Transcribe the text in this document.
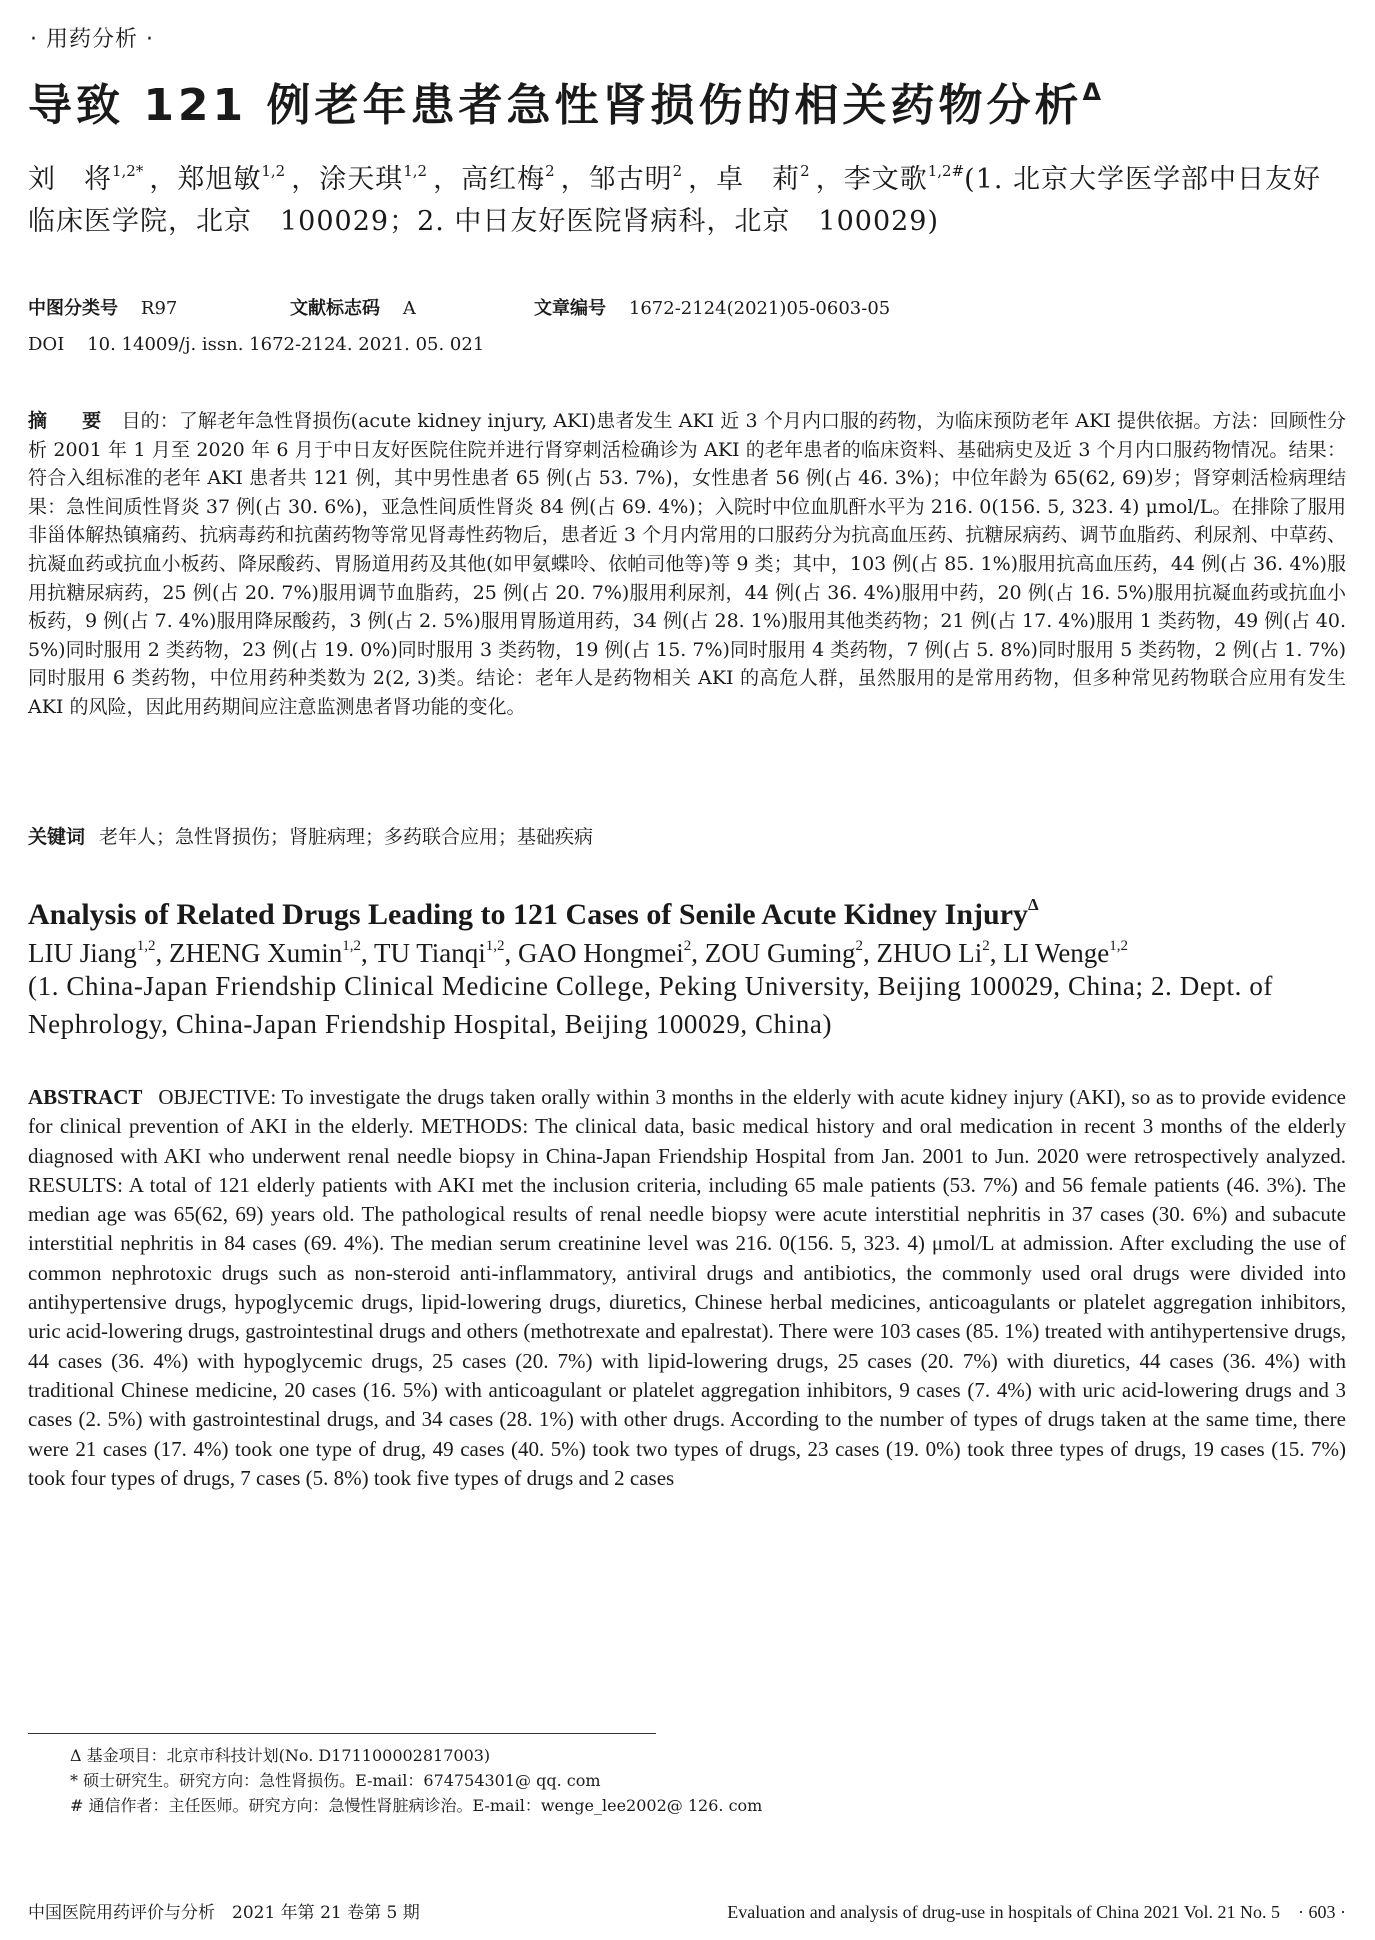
· 用药分析 ·
导致 121 例老年患者急性肾损伤的相关药物分析$^\Delta$
刘　将$^{1,2*}$ ，郑旭敏$^{1,2}$ ，涂天琪$^{1,2}$ ，高红梅$^2$ ，邹古明$^2$ ，卓　莉$^2$ ，李文歌$^{1,2\#}$(1. 北京大学医学部中日友好临床医学院，北京　100029；2. 中日友好医院肾病科，北京　100029)
中图分类号 R97	文献标志码 A	文章编号 1672-2124(2021)05-0603-05
DOI 10. 14009/j. issn. 1672-2124. 2021. 05. 021
摘　要 目的：了解老年急性肾损伤(acute kidney injury, AKI)患者发生 AKI 近 3 个月内口服的药物，为临床预防老年 AKI 提供依据。方法：回顾性分析 2001 年 1 月至 2020 年 6 月于中日友好医院住院并进行肾穿刺活检确诊为 AKI 的老年患者的临床资料、基础病史及近 3 个月内口服药物情况。结果：符合入组标准的老年 AKI 患者共 121 例，其中男性患者 65 例(占 53. 7%)，女性患者 56 例(占 46. 3%)；中位年龄为 65(62, 69)岁；肾穿刺活检病理结果：急性间质性肾炎 37 例(占 30. 6%)，亚急性间质性肾炎 84 例(占 69. 4%)；入院时中位血肌酐水平为 216. 0(156. 5, 323. 4) μmol/L。在排除了服用非甾体解热镇痛药、抗病毒药和抗菌药物等常见肾毒性药物后，患者近 3 个月内常用的口服药分为抗高血压药、抗糖尿病药、调节血脂药、利尿剂、中草药、抗凝血药或抗血小板药、降尿酸药、胃肠道用药及其他(如甲氨蝶呤、依帕司他等)等 9 类；其中，103 例(占 85. 1%)服用抗高血压药，44 例(占 36. 4%)服用抗糖尿病药，25 例(占 20. 7%)服用调节血脂药，25 例(占 20. 7%)服用利尿剂，44 例(占 36. 4%)服用中药，20 例(占 16. 5%)服用抗凝血药或抗血小板药，9 例(占 7. 4%)服用降尿酸药，3 例(占 2. 5%)服用胃肠道用药，34 例(占 28. 1%)服用其他类药物；21 例(占 17. 4%)服用 1 类药物，49 例(占 40. 5%)同时服用 2 类药物，23 例(占 19. 0%)同时服用 3 类药物，19 例(占 15. 7%)同时服用 4 类药物，7 例(占 5. 8%)同时服用 5 类药物，2 例(占 1. 7%)同时服用 6 类药物，中位用药种类数为 2(2, 3)类。结论：老年人是药物相关 AKI 的高危人群，虽然服用的是常用药物，但多种常见药物联合应用有发生 AKI 的风险，因此用药期间应注意监测患者肾功能的变化。
关键词 老年人；急性肾损伤；肾脏病理；多药联合应用；基础疾病
Analysis of Related Drugs Leading to 121 Cases of Senile Acute Kidney Injury$^\Delta$
LIU Jiang$^{1,2}$, ZHENG Xumin$^{1,2}$, TU Tianqi$^{1,2}$, GAO Hongmei$^2$, ZOU Guming$^2$, ZHUO Li$^2$, LI Wenge$^{1,2}$
(1. China-Japan Friendship Clinical Medicine College, Peking University, Beijing 100029, China; 2. Dept. of Nephrology, China-Japan Friendship Hospital, Beijing 100029, China)
ABSTRACT OBJECTIVE: To investigate the drugs taken orally within 3 months in the elderly with acute kidney injury (AKI), so as to provide evidence for clinical prevention of AKI in the elderly. METHODS: The clinical data, basic medical history and oral medication in recent 3 months of the elderly diagnosed with AKI who underwent renal needle biopsy in China-Japan Friendship Hospital from Jan. 2001 to Jun. 2020 were retrospectively analyzed. RESULTS: A total of 121 elderly patients with AKI met the inclusion criteria, including 65 male patients (53. 7%) and 56 female patients (46. 3%). The median age was 65(62, 69) years old. The pathological results of renal needle biopsy were acute interstitial nephritis in 37 cases (30. 6%) and subacute interstitial nephritis in 84 cases (69. 4%). The median serum creatinine level was 216. 0(156. 5, 323. 4) μmol/L at admission. After excluding the use of common nephrotoxic drugs such as non-steroid anti-inflammatory, antiviral drugs and antibiotics, the commonly used oral drugs were divided into antihypertensive drugs, hypoglycemic drugs, lipid-lowering drugs, diuretics, Chinese herbal medicines, anticoagulants or platelet aggregation inhibitors, uric acid-lowering drugs, gastrointestinal drugs and others (methotrexate and epalrestat). There were 103 cases (85. 1%) treated with antihypertensive drugs, 44 cases (36. 4%) with hypoglycemic drugs, 25 cases (20. 7%) with lipid-lowering drugs, 25 cases (20. 7%) with diuretics, 44 cases (36. 4%) with traditional Chinese medicine, 20 cases (16. 5%) with anticoagulant or platelet aggregation inhibitors, 9 cases (7. 4%) with uric acid-lowering drugs and 3 cases (2. 5%) with gastrointestinal drugs, and 34 cases (28. 1%) with other drugs. According to the number of types of drugs taken at the same time, there were 21 cases (17. 4%) took one type of drug, 49 cases (40. 5%) took two types of drugs, 23 cases (19. 0%) took three types of drugs, 19 cases (15. 7%) took four types of drugs, 7 cases (5. 8%) took five types of drugs and 2 cases
Δ 基金项目：北京市科技计划(No. D171100002817003)
* 硕士研究生。研究方向：急性肾损伤。E-mail：674754301@ qq. com
# 通信作者：主任医师。研究方向：急慢性肾脏病诊治。E-mail：wenge_lee2002@ 126. com
中国医院用药评价与分析　2021 年第 21 卷第 5 期	Evaluation and analysis of drug-use in hospitals of China 2021 Vol. 21 No. 5　· 603 ·
